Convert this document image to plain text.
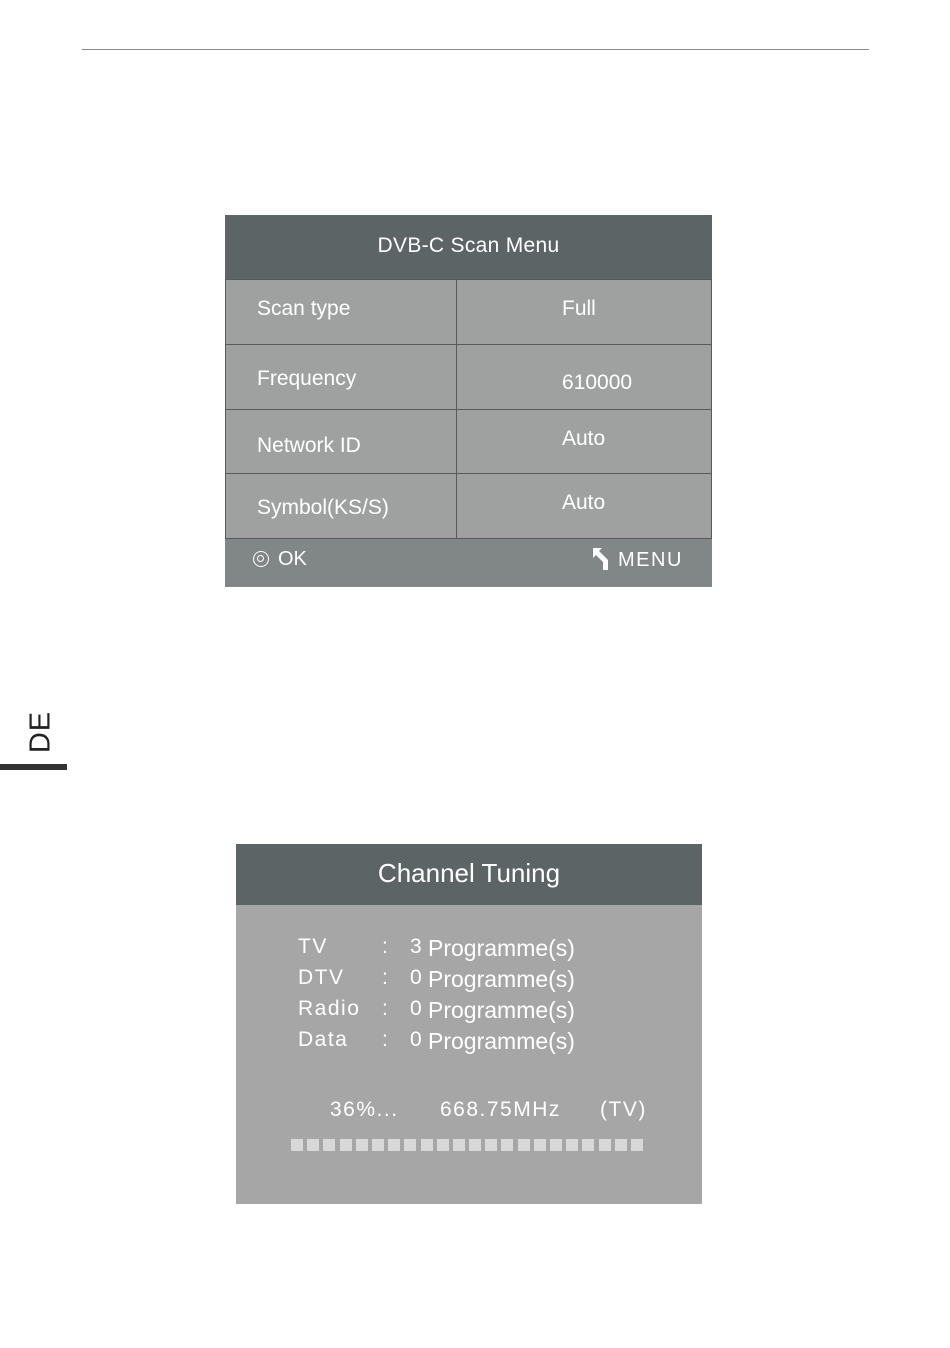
DVB-C Scan Menu
Scan type	Full
Frequency	610000
Network ID	Auto
Symbol(KS/S)	Auto
OK	MENU
DE
Channel Tuning
TV	: 3 Programme(s)
DTV : 0 Programme(s)
Radio : 0 Programme(s)
Data : 0 Programme(s)
36%... 668.75MHz (TV)
